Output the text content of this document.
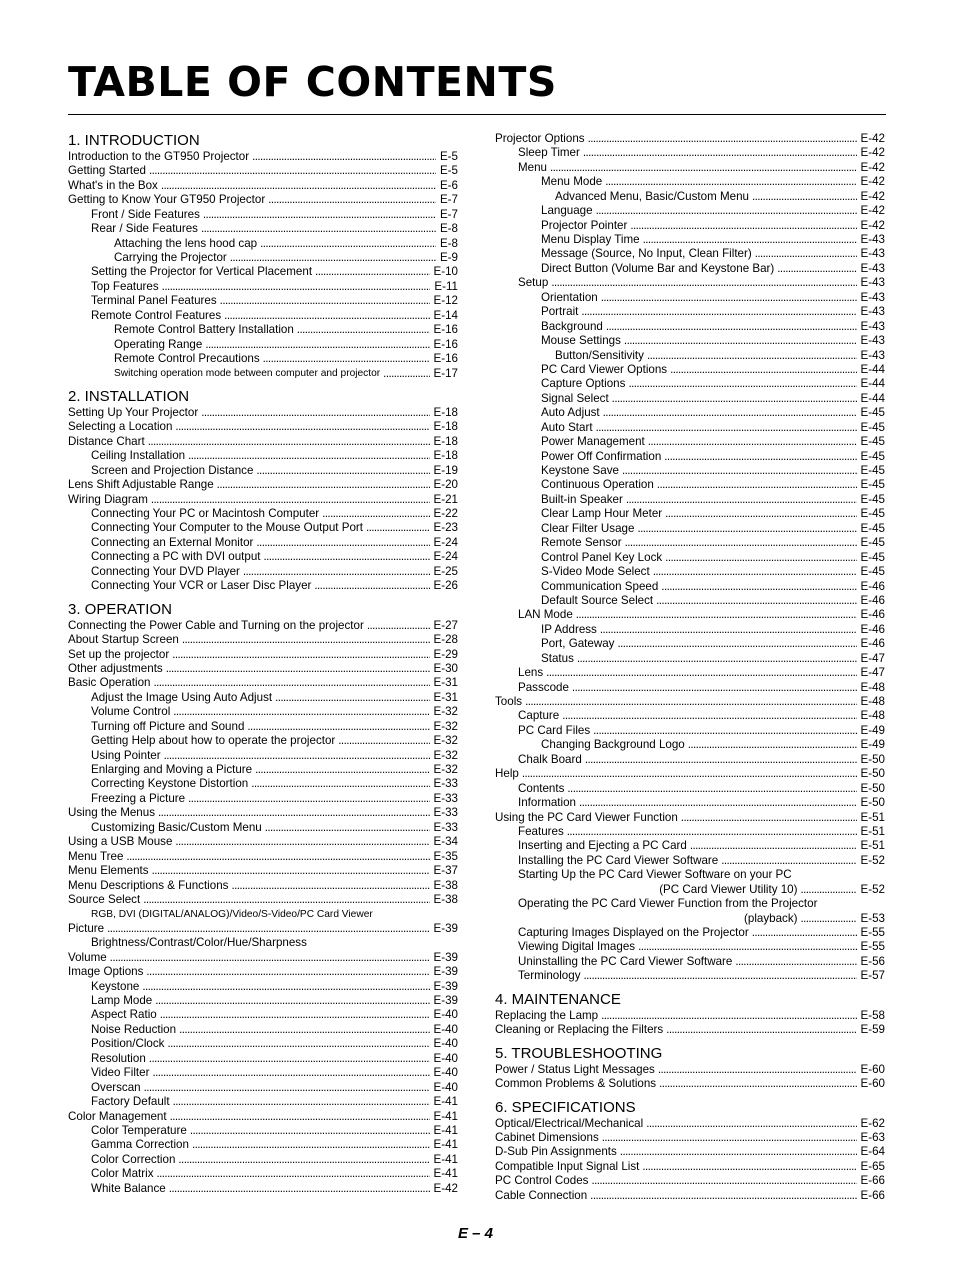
TABLE OF CONTENTS
1. INTRODUCTION
Introduction to the GT950 Projector . . .	E-5
Getting Started . . .	E-5
What's in the Box . . .	E-6
Getting to Know Your GT950 Projector . . .	E-7
Front / Side Features . . .	E-7
Rear / Side Features . . .	E-8
Attaching the lens hood cap . . .	E-8
Carrying the Projector . . .	E-9
Setting the Projector for Vertical Placement . . .	E-10
Top Features . . .	E-11
Terminal Panel Features . . .	E-12
Remote Control Features . . .	E-14
Remote Control Battery Installation . . .	E-16
Operating Range . . .	E-16
Remote Control Precautions . . .	E-16
Switching operation mode between computer and projector . . .	E-17
2. INSTALLATION
Setting Up Your Projector . . .	E-18
Selecting a Location . . .	E-18
Distance Chart . . .	E-18
Ceiling Installation . . .	E-18
Screen and Projection Distance . . .	E-19
Lens Shift Adjustable Range . . .	E-20
Wiring Diagram . . .	E-21
Connecting Your PC or Macintosh Computer . . .	E-22
Connecting Your Computer to the Mouse Output Port . . .	E-23
Connecting an External Monitor . . .	E-24
Connecting a PC with DVI output . . .	E-24
Connecting Your DVD Player . . .	E-25
Connecting Your VCR or Laser Disc Player . . .	E-26
3. OPERATION
Connecting the Power Cable and Turning on the projector . . .	E-27
About Startup Screen . . .	E-28
Set up the projector . . .	E-29
Other adjustments . . .	E-30
Basic Operation . . .	E-31
Adjust the Image Using Auto Adjust . . .	E-31
Volume Control . . .	E-32
Turning off Picture and Sound . . .	E-32
Getting Help about how to operate the projector . . .	E-32
Using Pointer . . .	E-32
Enlarging and Moving a Picture . . .	E-32
Correcting Keystone Distortion . . .	E-33
Freezing a Picture . . .	E-33
Using the Menus . . .	E-33
Customizing Basic/Custom Menu . . .	E-33
Using a USB Mouse . . .	E-34
Menu Tree . . .	E-35
Menu Elements . . .	E-37
Menu Descriptions & Functions . . .	E-38
Source Select . . .	E-38
RGB, DVI (DIGITAL/ANALOG)/Video/S-Video/PC Card Viewer
Picture . . .	E-39
Brightness/Contrast/Color/Hue/Sharpness
Volume . . .	E-39
Image Options . . .	E-39
Keystone . . .	E-39
Lamp Mode . . .	E-39
Aspect Ratio . . .	E-40
Noise Reduction . . .	E-40
Position/Clock . . .	E-40
Resolution . . .	E-40
Video Filter . . .	E-40
Overscan . . .	E-40
Factory Default . . .	E-41
Color Management . . .	E-41
Color Temperature . . .	E-41
Gamma Correction . . .	E-41
Color Correction . . .	E-41
Color Matrix . . .	E-41
White Balance . . .	E-42
Projector Options . . .	E-42
Sleep Timer . . .	E-42
Menu . . .	E-42
Menu Mode . . .	E-42
Advanced Menu, Basic/Custom Menu . . .	E-42
Language . . .	E-42
Projector Pointer . . .	E-42
Menu Display Time . . .	E-43
Message (Source, No Input, Clean Filter) . . .	E-43
Direct Button (Volume Bar and Keystone Bar) . . .	E-43
Setup . . .	E-43
Orientation . . .	E-43
Portrait . . .	E-43
Background . . .	E-43
Mouse Settings . . .	E-43
Button/Sensitivity . . .	E-43
PC Card Viewer Options . . .	E-44
Capture Options . . .	E-44
Signal Select . . .	E-44
Auto Adjust . . .	E-45
Auto Start . . .	E-45
Power Management . . .	E-45
Power Off Confirmation . . .	E-45
Keystone Save . . .	E-45
Continuous Operation . . .	E-45
Built-in Speaker . . .	E-45
Clear Lamp Hour Meter . . .	E-45
Clear Filter Usage . . .	E-45
Remote Sensor . . .	E-45
Control Panel Key Lock . . .	E-45
S-Video Mode Select . . .	E-45
Communication Speed . . .	E-46
Default Source Select . . .	E-46
LAN Mode . . .	E-46
IP Address . . .	E-46
Port, Gateway . . .	E-46
Status . . .	E-47
Lens . . .	E-47
Passcode . . .	E-48
Tools . . .	E-48
Capture . . .	E-48
PC Card Files . . .	E-49
Changing Background Logo . . .	E-49
Chalk Board . . .	E-50
Help . . .	E-50
Contents . . .	E-50
Information . . .	E-50
Using the PC Card Viewer Function . . .	E-51
Features . . .	E-51
Inserting and Ejecting a PC Card . . .	E-51
Installing the PC Card Viewer Software . . .	E-52
Starting Up the PC Card Viewer Software on your PC
(PC Card Viewer Utility 10) . . .	E-52
Operating the PC Card Viewer Function from the Projector
(playback) . . .	E-53
Capturing Images Displayed on the Projector . . .	E-55
Viewing Digital Images . . .	E-55
Uninstalling the PC Card Viewer Software . . .	E-56
Terminology . . .	E-57
4. MAINTENANCE
Replacing the Lamp . . .	E-58
Cleaning or Replacing the Filters . . .	E-59
5. TROUBLESHOOTING
Power / Status Light Messages . . .	E-60
Common Problems & Solutions . . .	E-60
6. SPECIFICATIONS
Optical/Electrical/Mechanical . . .	E-62
Cabinet Dimensions . . .	E-63
D-Sub Pin Assignments . . .	E-64
Compatible Input Signal List . . .	E-65
PC Control Codes . . .	E-66
Cable Connection . . .	E-66
E – 4
